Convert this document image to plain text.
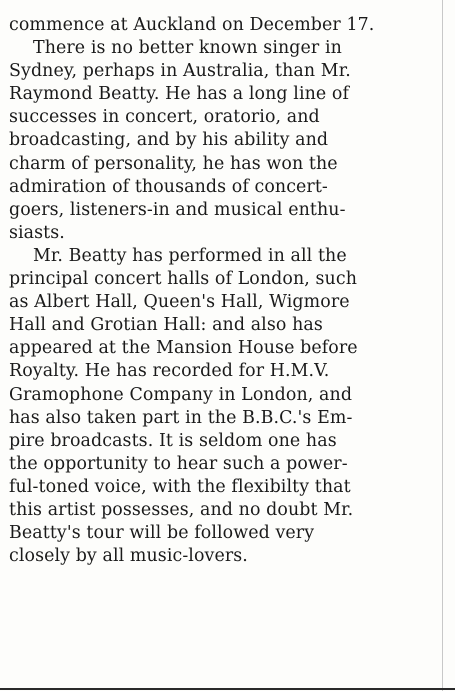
commence at Auckland on December 17.
There is no better known singer in
Sydney, perhaps in Australia, than Mr.
Raymond Beatty. He has a long line of
successes in concert, oratorio, and
broadcasting, and by his ability and
charm of personality, he has won the
admiration of thousands of concert-
goers, listeners-in and musical enthu-
siasts.
Mr. Beatty has performed in all the
principal concert halls of London, such
as Albert Hall, Queen's Hall, Wigmore
Hall and Grotian Hall: and also has
appeared at the Mansion House before
Royalty. He has recorded for H.M.V.
Gramophone Company in London, and
has also taken part in the B.B.C.'s Em-
pire broadcasts. It is seldom one has
the opportunity to hear such a power-
ful-toned voice, with the flexibilty that
this artist possesses, and no doubt Mr.
Beatty's tour will be followed very
closely by all music-lovers.
